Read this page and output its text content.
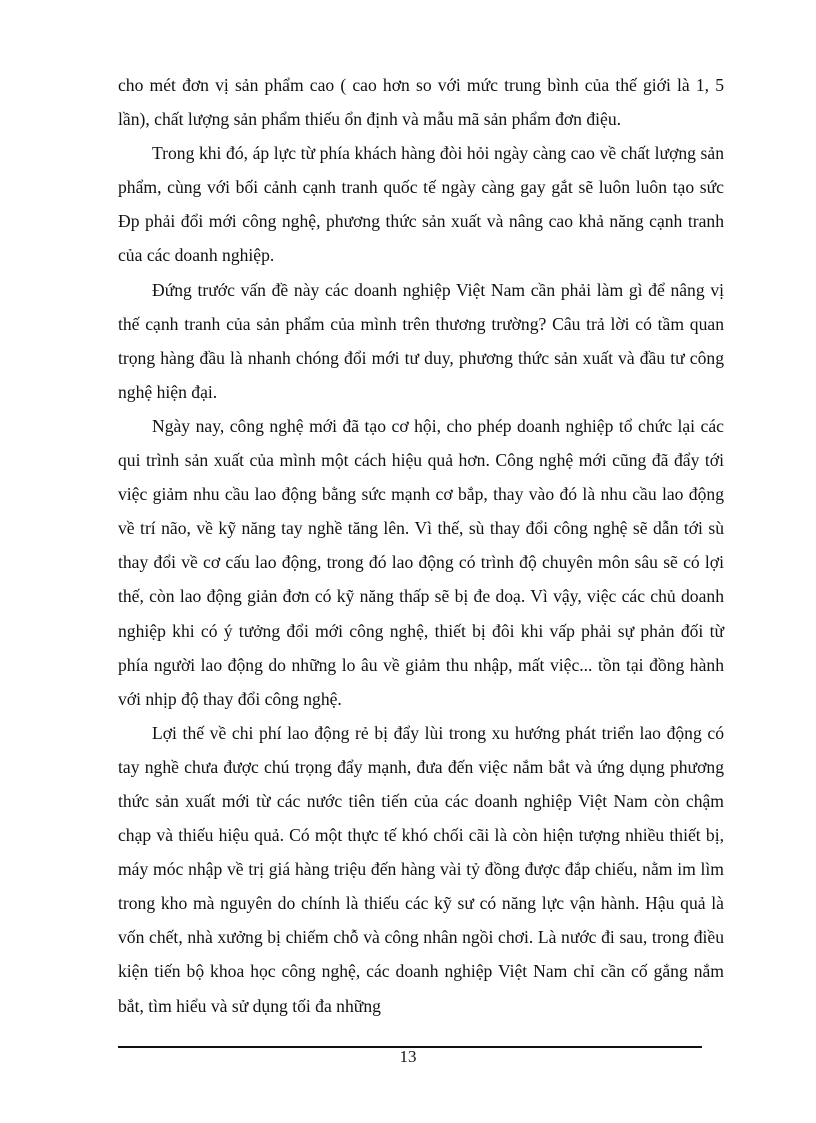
cho mét đơn vị sản phẩm cao ( cao hơn so với mức trung bình của thế giới là 1, 5 lần), chất lượng sản phẩm thiếu ổn định và mẫu mã sản phẩm đơn điệu.

Trong khi đó, áp lực từ phía khách hàng đòi hỏi ngày càng cao về chất lượng sản phẩm, cùng với bối cảnh cạnh tranh quốc tế ngày càng gay gắt sẽ luôn luôn tạo sức Đp phải đổi mới công nghệ, phương thức sản xuất và nâng cao khả năng cạnh tranh của các doanh nghiệp.

Đứng trước vấn đề này các doanh nghiệp Việt Nam cần phải làm gì để nâng vị thế cạnh tranh của sản phẩm của mình trên thương trường? Câu trả lời có tầm quan trọng hàng đầu là nhanh chóng đổi mới tư duy, phương thức sản xuất và đầu tư công nghệ hiện đại.

Ngày nay, công nghệ mới đã tạo cơ hội, cho phép doanh nghiệp tổ chức lại các qui trình sản xuất của mình một cách hiệu quả hơn. Công nghệ mới cũng đã đẩy tới việc giảm nhu cầu lao động bằng sức mạnh cơ bắp, thay vào đó là nhu cầu lao động về trí não, về kỹ năng tay nghề tăng lên. Vì thế, sù thay đổi công nghệ sẽ dẫn tới sù thay đổi về cơ cấu lao động, trong đó lao động có trình độ chuyên môn sâu sẽ có lợi thế, còn lao động giản đơn có kỹ năng thấp sẽ bị đe doạ. Vì vậy, việc các chủ doanh nghiệp khi có ý tưởng đổi mới công nghệ, thiết bị đôi khi vấp phải sự phản đối từ phía người lao động do những lo âu về giảm thu nhập, mất việc... tồn tại đồng hành với nhịp độ thay đổi công nghệ.

Lợi thế về chi phí lao động rẻ bị đẩy lùi trong xu hướng phát triển lao động có tay nghề chưa được chú trọng đẩy mạnh, đưa đến việc nắm bắt và ứng dụng phương thức sản xuất mới từ các nước tiên tiến của các doanh nghiệp Việt Nam còn chậm chạp và thiếu hiệu quả. Có một thực tế khó chối cãi là còn hiện tượng nhiều thiết bị, máy móc nhập về trị giá hàng triệu đến hàng vài tỷ đồng được đắp chiếu, nằm im lìm trong kho mà nguyên do chính là thiếu các kỹ sư có năng lực vận hành. Hậu quả là vốn chết, nhà xưởng bị chiếm chỗ và công nhân ngồi chơi. Là nước đi sau, trong điều kiện tiến bộ khoa học công nghệ, các doanh nghiệp Việt Nam chỉ cần cố gắng nắm bắt, tìm hiểu và sử dụng tối đa những

13
